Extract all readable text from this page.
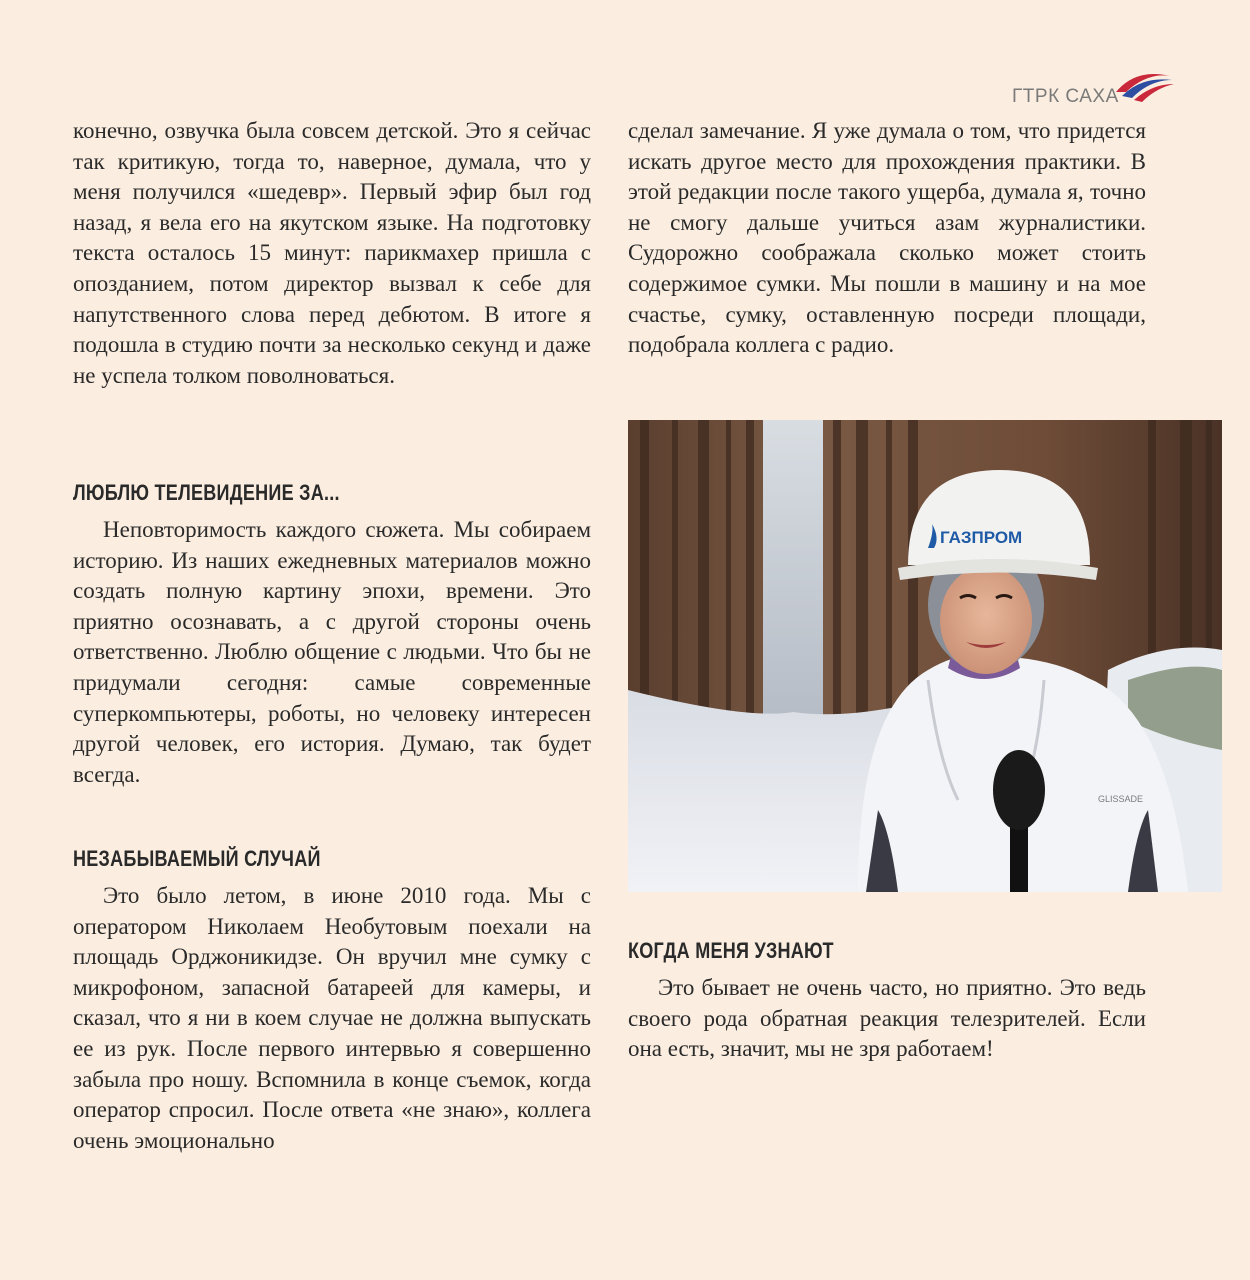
ГТРК САХА

конечно, озвучка была совсем детской. Это я сейчас так критикую, тогда то, наверное, думала, что у меня получился «шедевр». Первый эфир был год назад, я вела его на якутском языке. На подготовку текста осталось 15 минут: парикмахер пришла с опозданием, потом директор вызвал к себе для напутственного слова перед дебютом. В итоге я подошла в студию почти за несколько секунд и даже не успела толком поволноваться.

ЛЮБЛЮ ТЕЛЕВИДЕНИЕ ЗА...

Неповторимость каждого сюжета. Мы собираем историю. Из наших ежедневных материалов можно создать полную картину эпохи, времени. Это приятно осознавать, а с другой стороны очень ответственно. Люблю общение с людьми. Что бы не придумали сегодня: самые современные суперкомпьютеры, роботы, но человеку интересен другой человек, его история. Думаю, так будет всегда.

НЕЗАБЫВАЕМЫЙ СЛУЧАЙ

Это было летом, в июне 2010 года. Мы с оператором Николаем Необутовым поехали на площадь Орджоникидзе. Он вручил мне сумку с микрофоном, запасной батареей для камеры, и сказал, что я ни в коем случае не должна выпускать ее из рук. После первого интервью я совершенно забыла про ношу. Вспомнила в конце съемок, когда оператор спросил. После ответа «не знаю», коллега очень эмоционально

сделал замечание. Я уже думала о том, что придется искать другое место для прохождения практики. В этой редакции после такого ущерба, думала я, точно не смогу дальше учиться азам журналистики. Судорожно соображала сколько может стоить содержимое сумки. Мы пошли в машину и на мое счастье, сумку, оставленную посреди площади, подобрала коллега с радио.

ГАЗПРОМ
GLISSADE
КОГДА МЕНЯ УЗНАЮТ

Это бывает не очень часто, но приятно. Это ведь своего рода обратная реакция телезрителей. Если она есть, значит, мы не зря работаем!
